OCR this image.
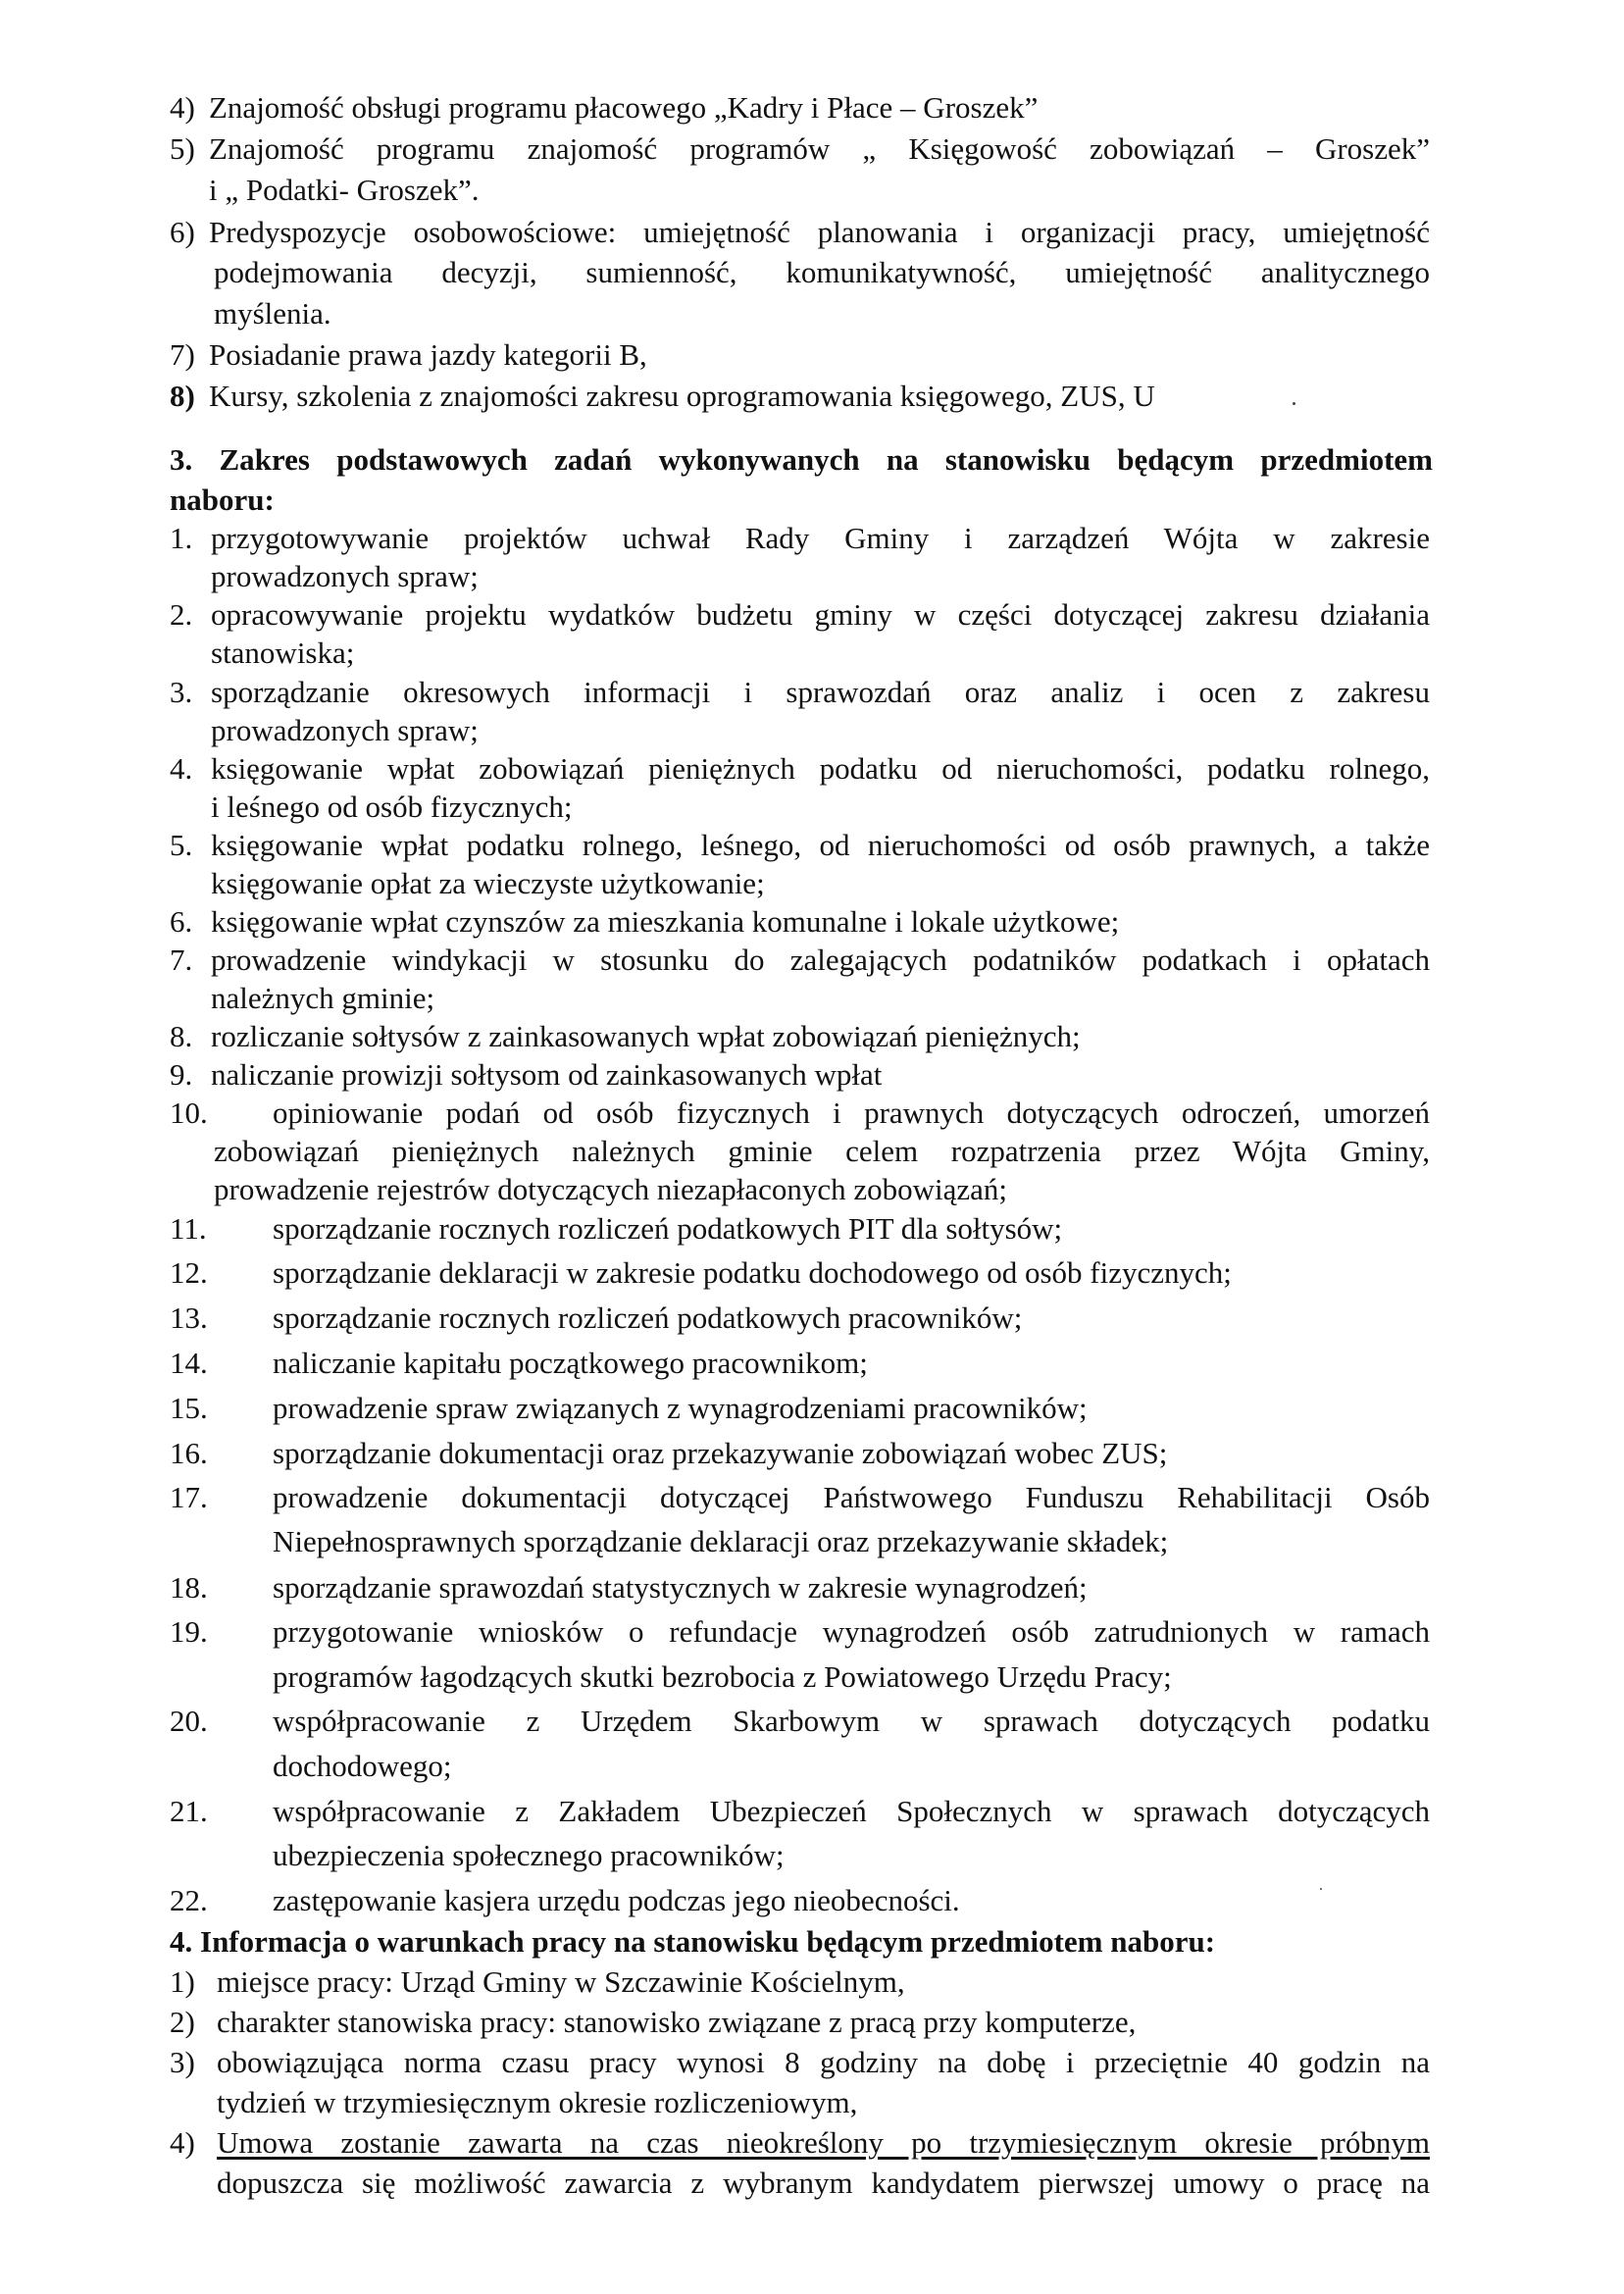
4) Znajomość obsługi programu płacowego „Kadry i Płace – Groszek”
5) Znajomość programu znajomość programów „ Księgowość zobowiązań – Groszek”
i „ Podatki- Groszek”.
6) Predyspozycje osobowościowe: umiejętność planowania i organizacji pracy, umiejętność
podejmowania decyzji, sumienność, komunikatywność, umiejętność analitycznego
myślenia.
7) Posiadanie prawa jazdy kategorii B,
8) Kursy, szkolenia z znajomości zakresu oprogramowania księgowego, ZUS, U
3. Zakres podstawowych zadań wykonywanych na stanowisku będącym przedmiotem
naboru:
1. przygotowywanie projektów uchwał Rady Gminy i zarządzeń Wójta w zakresie
prowadzonych spraw;
2. opracowywanie projektu wydatków budżetu gminy w części dotyczącej zakresu działania
stanowiska;
3. sporządzanie okresowych informacji i sprawozdań oraz analiz i ocen z zakresu
prowadzonych spraw;
4. księgowanie wpłat zobowiązań pieniężnych podatku od nieruchomości, podatku rolnego,
i leśnego od osób fizycznych;
5. księgowanie wpłat podatku rolnego, leśnego, od nieruchomości od osób prawnych, a także
księgowanie opłat za wieczyste użytkowanie;
6. księgowanie wpłat czynszów za mieszkania komunalne i lokale użytkowe;
7. prowadzenie windykacji w stosunku do zalegających podatników podatkach i opłatach
należnych gminie;
8. rozliczanie sołtysów z zainkasowanych wpłat zobowiązań pieniężnych;
9. naliczanie prowizji sołtysom od zainkasowanych wpłat
10. opiniowanie podań od osób fizycznych i prawnych dotyczących odroczeń, umorzeń
zobowiązań pieniężnych należnych gminie celem rozpatrzenia przez Wójta Gminy,
prowadzenie rejestrów dotyczących niezapłaconych zobowiązań;
11. sporządzanie rocznych rozliczeń podatkowych PIT dla sołtysów;
12. sporządzanie deklaracji w zakresie podatku dochodowego od osób fizycznych;
13. sporządzanie rocznych rozliczeń podatkowych pracowników;
14. naliczanie kapitału początkowego pracownikom;
15. prowadzenie spraw związanych z wynagrodzeniami pracowników;
16. sporządzanie dokumentacji oraz przekazywanie zobowiązań wobec ZUS;
17. prowadzenie dokumentacji dotyczącej Państwowego Funduszu Rehabilitacji Osób
Niepełnosprawnych sporządzanie deklaracji oraz przekazywanie składek;
18. sporządzanie sprawozdań statystycznych w zakresie wynagrodzeń;
19. przygotowanie wniosków o refundacje wynagrodzeń osób zatrudnionych w ramach
programów łagodzących skutki bezrobocia z Powiatowego Urzędu Pracy;
20. współpracowanie z Urzędem Skarbowym w sprawach dotyczących podatku
dochodowego;
21. współpracowanie z Zakładem Ubezpieczeń Społecznych w sprawach dotyczących
ubezpieczenia społecznego pracowników;
22. zastępowanie kasjera urzędu podczas jego nieobecności.
4. Informacja o warunkach pracy na stanowisku będącym przedmiotem naboru:
1) miejsce pracy: Urząd Gminy w Szczawinie Kościelnym,
2) charakter stanowiska pracy: stanowisko związane z pracą przy komputerze,
3) obowiązująca norma czasu pracy wynosi 8 godziny na dobę i przeciętnie 40 godzin na
tydzień w trzymiesięcznym okresie rozliczeniowym,
4) Umowa zostanie zawarta na czas nieokreślony po trzymiesięcznym okresie próbnym
dopuszcza się możliwość zawarcia z wybranym kandydatem pierwszej umowy o pracę na
